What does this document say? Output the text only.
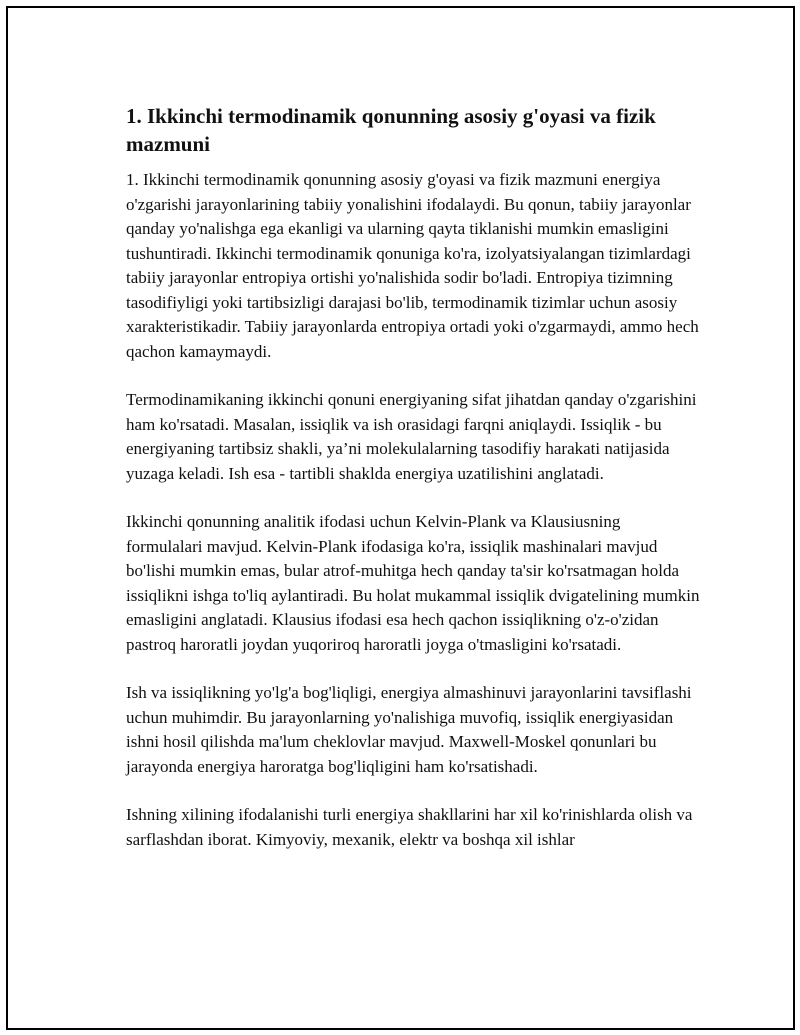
1. Ikkinchi termodinamik qonunning asosiy g'oyasi va fizik mazmuni

1. Ikkinchi termodinamik qonunning asosiy g'oyasi va fizik mazmuni energiya o'zgarishi jarayonlarining tabiiy yonalishini ifodalaydi. Bu qonun, tabiiy jarayonlar qanday yo'nalishga ega ekanligi va ularning qayta tiklanishi mumkin emasligini tushuntiradi. Ikkinchi termodinamik qonuniga ko'ra, izolyatsiyalangan tizimlardagi tabiiy jarayonlar entropiya ortishi yo'nalishida sodir bo'ladi. Entropiya tizimning tasodifiyligi yoki tartibsizligi darajasi bo'lib, termodinamik tizimlar uchun asosiy xarakteristikadir. Tabiiy jarayonlarda entropiya ortadi yoki o'zgarmaydi, ammo hech qachon kamaymaydi.

Termodinamikaning ikkinchi qonuni energiyaning sifat jihatdan qanday o'zgarishini ham ko'rsatadi. Masalan, issiqlik va ish orasidagi farqni aniqlaydi. Issiqlik - bu energiyaning tartibsiz shakli, ya’ni molekulalarning tasodifiy harakati natijasida yuzaga keladi. Ish esa - tartibli shaklda energiya uzatilishini anglatadi.

Ikkinchi qonunning analitik ifodasi uchun Kelvin-Plank va Klausiusning formulalari mavjud. Kelvin-Plank ifodasiga ko'ra, issiqlik mashinalari mavjud bo'lishi mumkin emas, bular atrof-muhitga hech qanday ta'sir ko'rsatmagan holda issiqlikni ishga to'liq aylantiradi. Bu holat mukammal issiqlik dvigatelining mumkin emasligini anglatadi. Klausius ifodasi esa hech qachon issiqlikning o'z-o'zidan pastroq haroratli joydan yuqoriroq haroratli joyga o'tmasligini ko'rsatadi.

Ish va issiqlikning yo'lg'a bog'liqligi, energiya almashinuvi jarayonlarini tavsiflashi uchun muhimdir. Bu jarayonlarning yo'nalishiga muvofiq, issiqlik energiyasidan ishni hosil qilishda ma'lum cheklovlar mavjud. Maxwell-Moskel qonunlari bu jarayonda energiya haroratga bog'liqligini ham ko'rsatishadi.

Ishning xilining ifodalanishi turli energiya shakllarini har xil ko'rinishlarda olish va sarflashdan iborat. Kimyoviy, mexanik, elektr va boshqa xil ishlar
